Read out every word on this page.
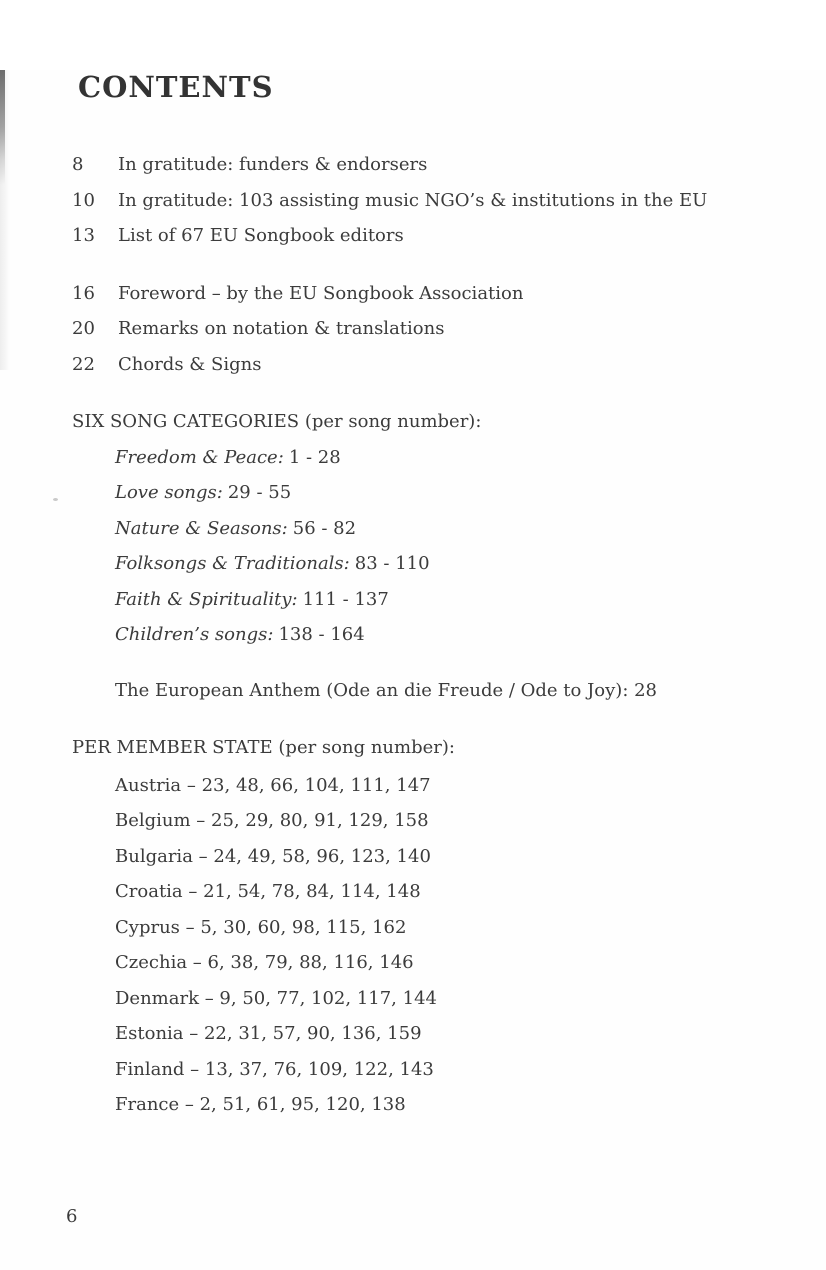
CONTENTS
8	In gratitude: funders & endorsers
10	In gratitude: 103 assisting music NGO’s & institutions in the EU
13	List of 67 EU Songbook editors
16	Foreword – by the EU Songbook Association
20	Remarks on notation & translations
22	Chords & Signs
SIX SONG CATEGORIES (per song number):
Freedom & Peace: 1 - 28
Love songs: 29 - 55
Nature & Seasons: 56 - 82
Folksongs & Traditionals: 83 - 110
Faith & Spirituality: 111 - 137
Children’s songs: 138 - 164
The European Anthem (Ode an die Freude / Ode to Joy): 28
PER MEMBER STATE (per song number):
Austria – 23, 48, 66, 104, 111, 147
Belgium – 25, 29, 80, 91, 129, 158
Bulgaria – 24, 49, 58, 96, 123, 140
Croatia – 21, 54, 78, 84, 114, 148
Cyprus – 5, 30, 60, 98, 115, 162
Czechia – 6, 38, 79, 88, 116, 146
Denmark – 9, 50, 77, 102, 117, 144
Estonia – 22, 31, 57, 90, 136, 159
Finland – 13, 37, 76, 109, 122, 143
France – 2, 51, 61, 95, 120, 138
6
